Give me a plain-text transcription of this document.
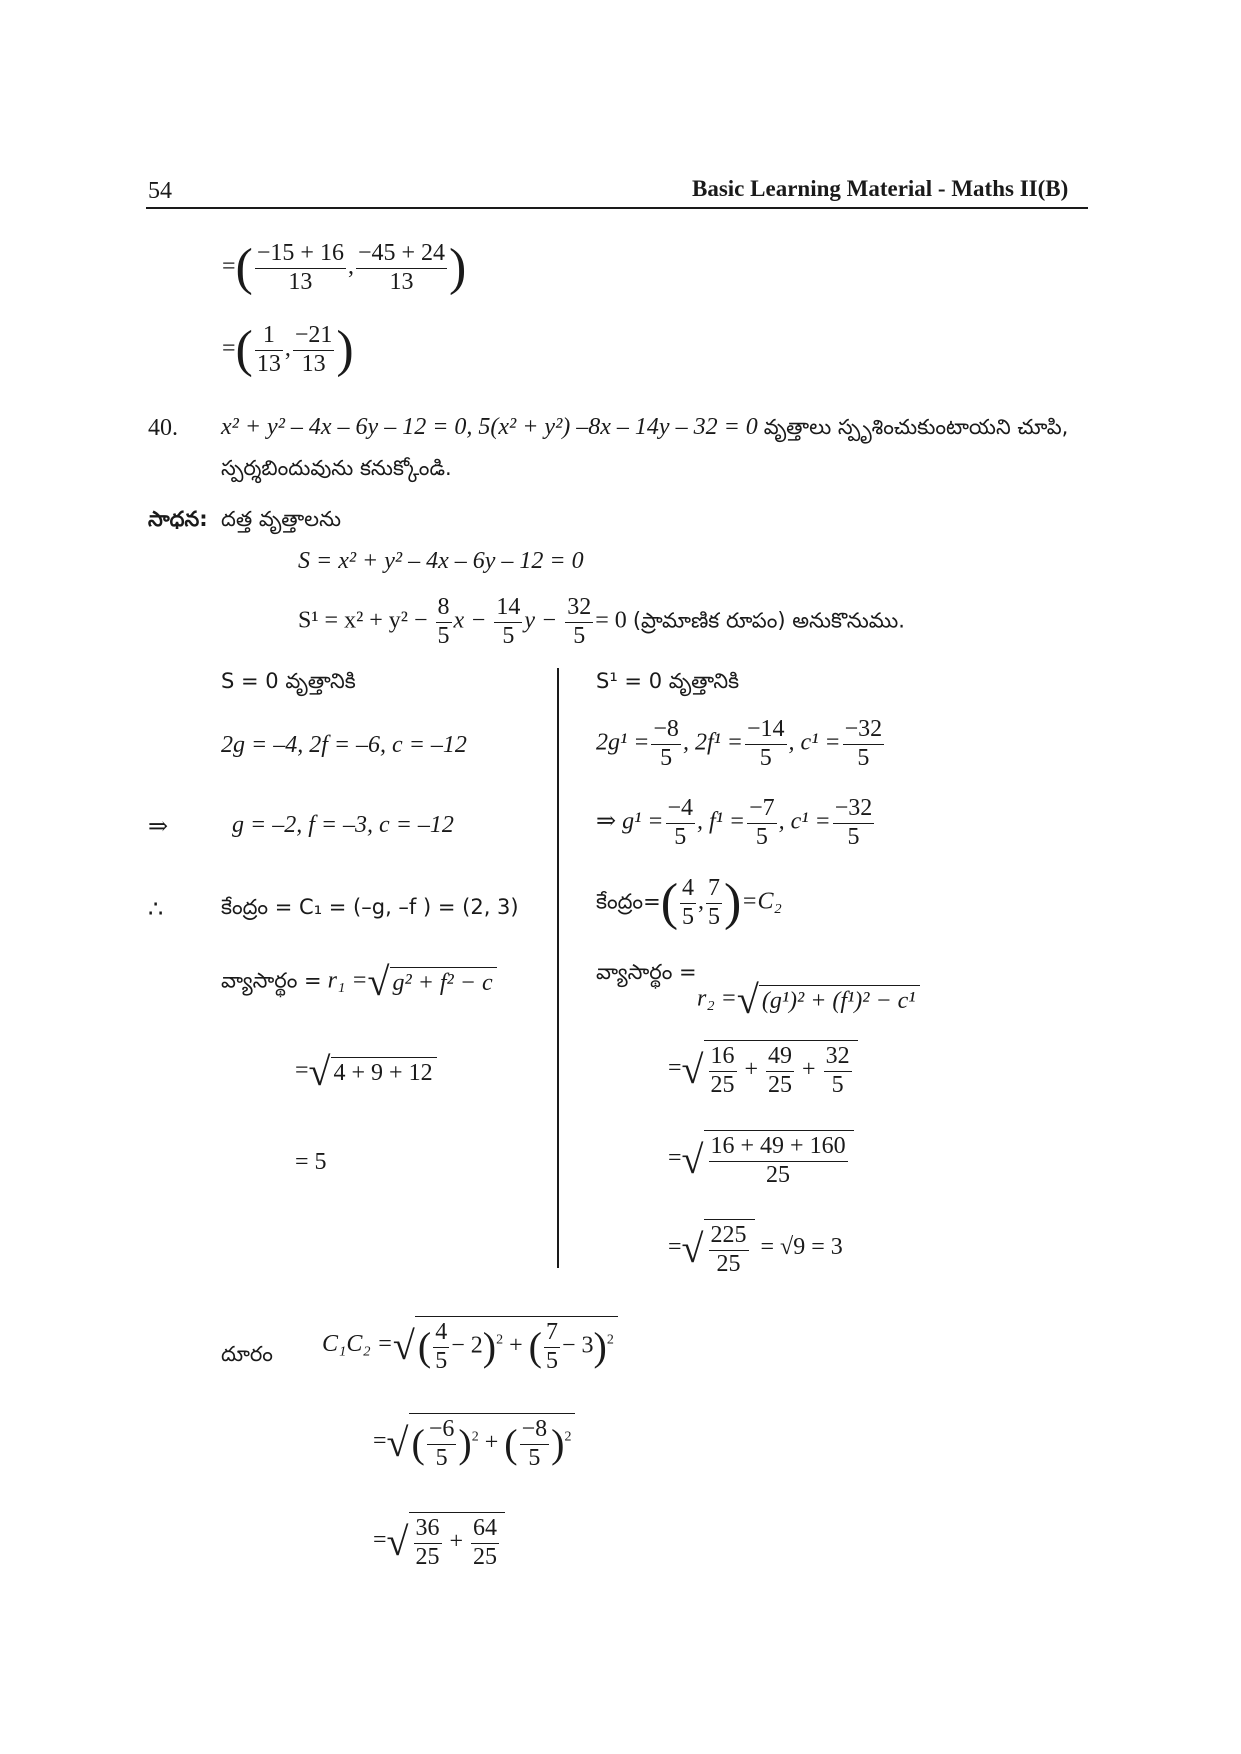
54	Basic Learning Material - Maths II(B)
=( $\frac{-15 + 16}{13}$ , $\frac{-45 + 24}{13}$ )
=( $\frac{1}{13}$ , $\frac{-21}{13}$ )
40. x² + y² – 4x – 6y – 12 = 0, 5(x² + y²) –8x – 14y – 32 = 0 వృత్తాలు స్పృశించుకుంటాయని చూపి,
స్పర్శబిందువును కనుక్కోండి.
సాధన: దత్త వృత్తాలను
S = x² + y² – 4x – 6y – 12 = 0
$S^1 = x^2 + y^2 - \frac{8}{5}$ $x - \frac{14}{5}$ $y - \frac{32}{5} = 0$ (ప్రామాణిక రూపం) అనుకొనుము.
S = 0 వృత్తానికి
2g = –4, 2f = –6, c = –12
⇒	g = –2, f = –3, c = –12
∴	కేంద్రం = C₁ = (–g, –f ) = (2, 3)
వ్యాసార్థం = r₁ =√ g² + f² − c
=√ 4 + 9 + 12
= 5
S¹ = 0 వృత్తానికి
$2g^1 = \frac{-8}{5}$ , $2f^1 = \frac{-14}{5}$ , $c^1 = \frac{-32}{5}$
⇒ $g^1 = \frac{-4}{5}$ , $f^1 = \frac{-7}{5}$ , $c^1 = \frac{-32}{5}$
కేంద్రం=( $\frac{4}{5}$ , $\frac{7}{5} )=C_2$
వ్యాసార్థం =
r₂ =√ (g¹)² + (f¹)² − c¹
=√ $\frac{16}{25} + \frac{49}{25} + \frac{32}{5}$
=√ $\frac{16 + 49 + 160}{25}$
=√ $\frac{225}{25} = √9 = 3$
దూరం C₁C₂ =√( $\frac{4}{5} - 2)^2$ + ( $\frac{7}{5} - 3)^2$
=√( $\frac{-6}{5} )^2$ + ( $\frac{-8}{5} )^2$
=√ $\frac{36}{25} + \frac{64}{25}$
